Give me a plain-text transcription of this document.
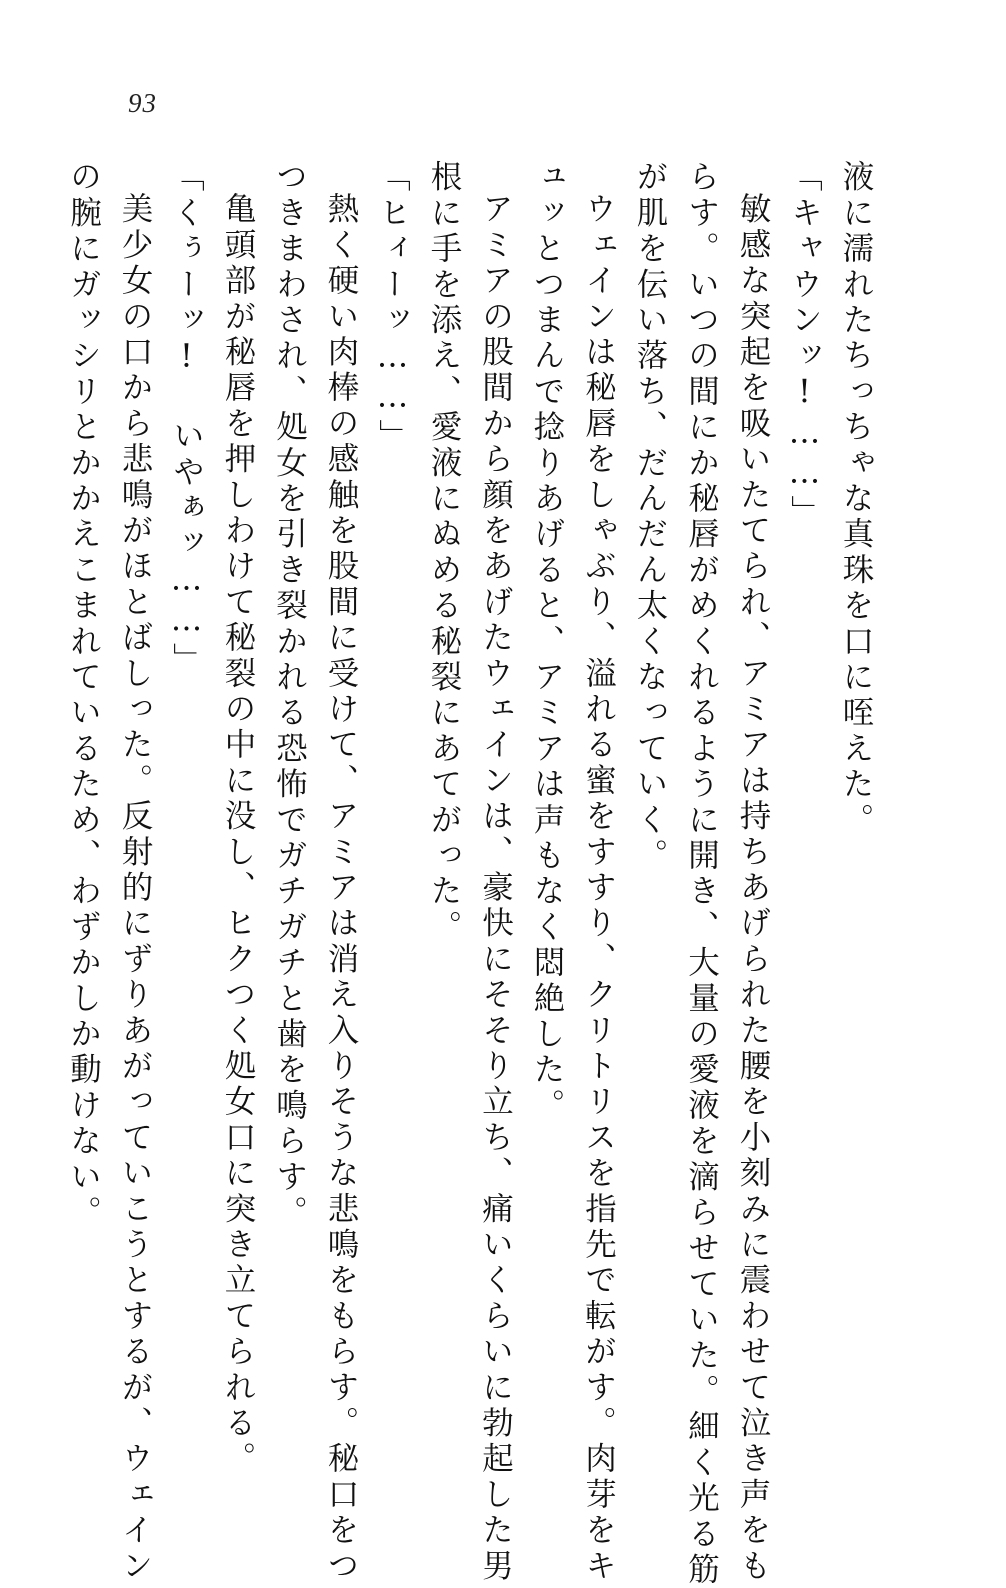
93
液に濡れたちっちゃな真珠を口に咥えた。
「キャウンッ!……」
敏感な突起を吸いたてられ、アミアは持ちあげられた腰を小刻みに震わせて泣き声をも
らす。いつの間にか秘唇がめくれるように開き、大量の愛液を滴らせていた。細く光る筋
が肌を伝い落ち、だんだん太くなっていく。
ウェインは秘唇をしゃぶり、溢れる蜜をすすり、クリトリスを指先で転がす。肉芽をキ
ュッとつまんで捻りあげると、アミアは声もなく悶絶した。
アミアの股間から顔をあげたウェインは、豪快にそそり立ち、痛いくらいに勃起した男
根に手を添え、愛液にぬめる秘裂にあてがった。
「ヒィーッ……」
熱く硬い肉棒の感触を股間に受けて、アミアは消え入りそうな悲鳴をもらす。秘口をつ
つきまわされ、処女を引き裂かれる恐怖でガチガチと歯を鳴らす。
亀頭部が秘唇を押しわけて秘裂の中に没し、ヒクつく処女口に突き立てられる。
「くぅーッ! いやぁッ……」
美少女の口から悲鳴がほとばしった。反射的にずりあがっていこうとするが、ウェイン
の腕にガッシリとかかえこまれているため、わずかしか動けない。
